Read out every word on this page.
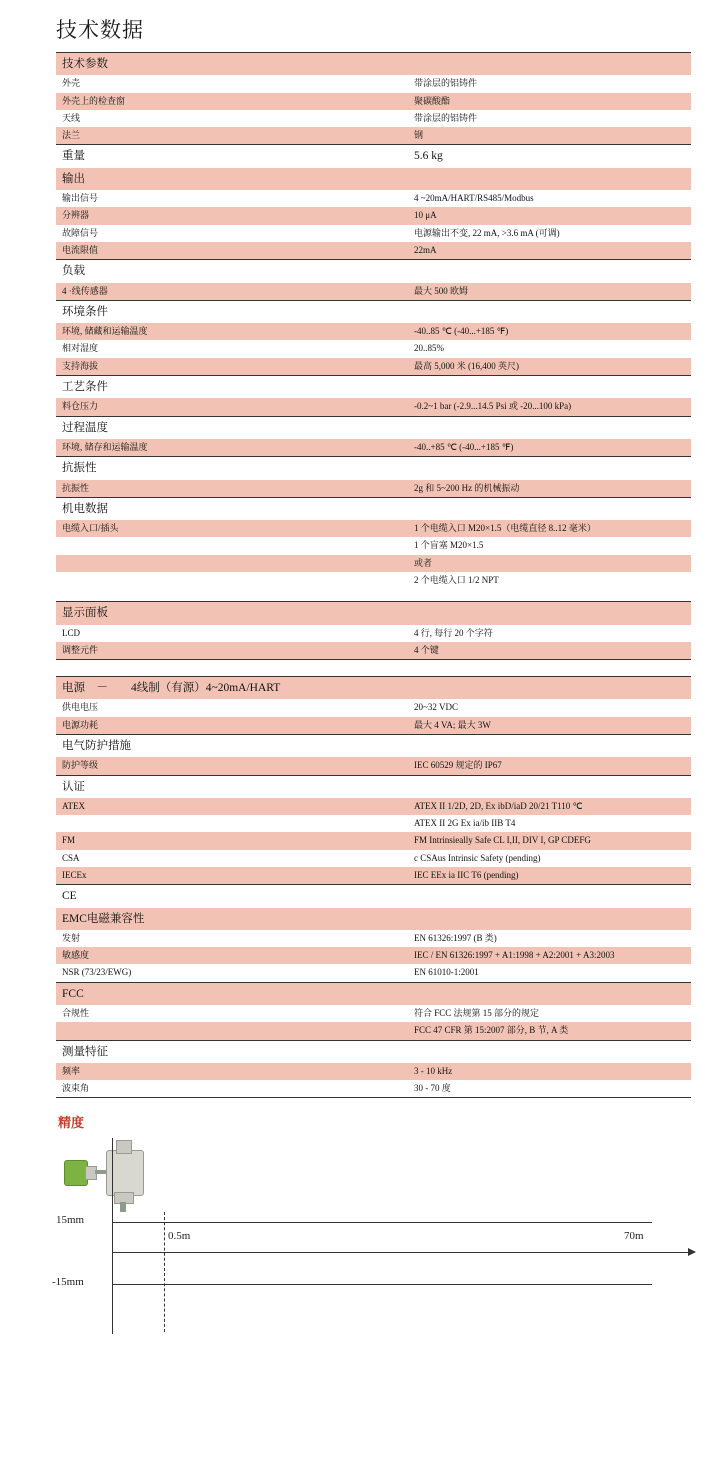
技术数据
技术参数	
外壳	带涂层的铝铸件
外壳上的检查窗	聚碳酸酯
天线	带涂层的铝铸件
法兰	钢
重量	5.6 kg
输出	
输出信号	4 ~20mA/HART/RS485/Modbus
分辨器	10 μA
故障信号	电源输出不变, 22 mA, >3.6 mA (可调)
电流限值	22mA
负载	
4 ·线传感器	最大 500 欧姆
环境条件	
环境, 储藏和运输温度	-40..85 ℃ (-40...+185 ℉)
相对湿度	20..85%
支持海拔	最高 5,000 米 (16,400 英尺)
工艺条件	
料仓压力	-0.2~1 bar (-2.9...14.5 Psi 或 -20...100 kPa)
过程温度	
环境, 储存和运输温度	-40..+85 ℃ (-40...+185 ℉)
抗振性	
抗振性	2g 和 5~200 Hz 的机械振动
机电数据	
电缆入口/插头	1 个电缆入口 M20×1.5（电缆直径 8..12 毫米）
	1 个盲塞 M20×1.5
	或者
	2 个电缆入口 1/2 NPT

显示面板	
LCD	4 行, 每行 20 个字符
调整元件	4 个键

电源　－　　4线制（有源）4~20mA/HART	
供电电压	20~32 VDC
电源功耗	最大 4 VA; 最大 3W
电气防护措施	
防护等级	IEC 60529 规定的 IP67
认证	
ATEX	ATEX II 1/2D, 2D, Ex ibD/iaD 20/21 T110 ℃
	ATEX II 2G Ex ia/ib IIB T4
FM	FM Intrinsieally Safe CL I,II, DIV I, GP CDEFG
CSA	c CSAus Intrinsic Safety (pending)
IECEx	IEC EEx ia IIC T6 (pending)
CE	
EMC电磁兼容性	
发射	EN 61326:1997 (B 类)
敏感度	IEC / EN 61326:1997 + A1:1998 + A2:2001 + A3:2003
NSR (73/23/EWG)	EN 61010-1:2001
FCC	
合规性	符合 FCC 法规第 15 部分的规定
	FCC 47 CFR 第 15:2007 部分, B 节, A 类
测量特征	
频率	3 - 10 kHz
波束角	30 - 70 度
精度
15mm
-15mm
0.5m	70m
